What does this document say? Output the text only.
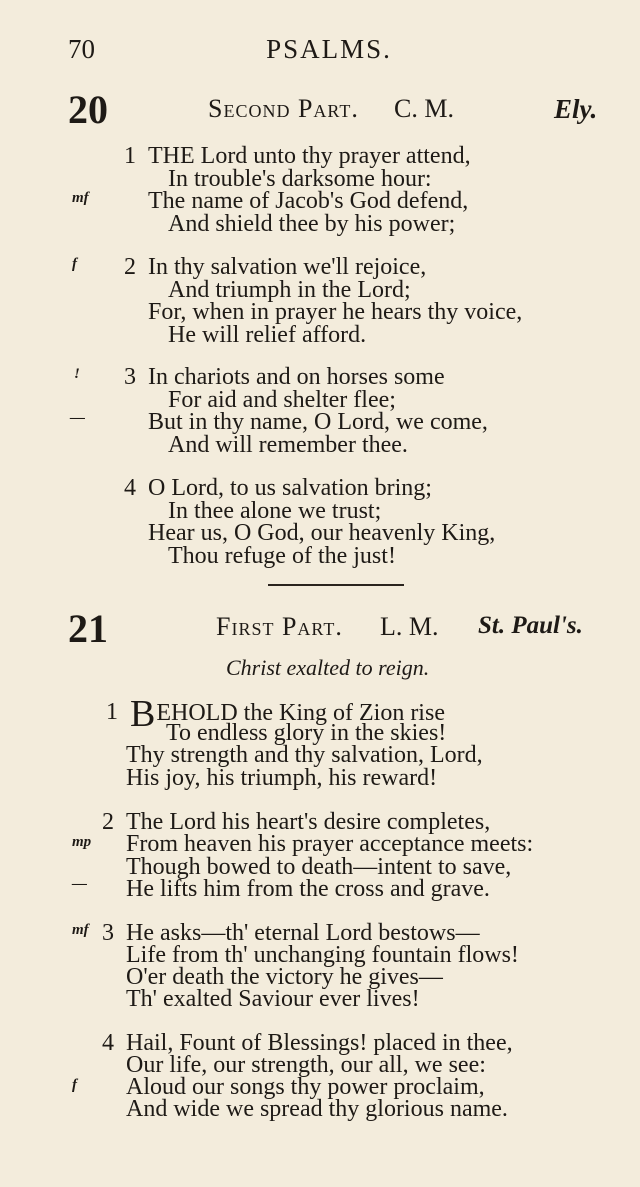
70	PSALMS.
20	Second Part. C. M.	Ely.
1 THE Lord unto thy prayer attend,
In trouble's darksome hour:
mf The name of Jacob's God defend,
And shield thee by his power;
f 2 In thy salvation we'll rejoice,
And triumph in the Lord;
For, when in prayer he hears thy voice,
He will relief afford.
! 3 In chariots and on horses some
For aid and shelter flee;
—	But in thy name, O Lord, we come,
And will remember thee.
4 O Lord, to us salvation bring;
In thee alone we trust;
Hear us, O God, our heavenly King,
Thou refuge of the just!
21	First Part. L. M. St. Paul's.
Christ exalted to reign.
1 BEHOLD the King of Zion rise
To endless glory in the skies!
Thy strength and thy salvation, Lord,
His joy, his triumph, his reward!
2 The Lord his heart's desire completes,
mp From heaven his prayer acceptance meets:
Though bowed to death—intent to save,
— He lifts him from the cross and grave.
mf 3 He asks—th' eternal Lord bestows—
Life from th' unchanging fountain flows!
O'er death the victory he gives—
Th' exalted Saviour ever lives!
4 Hail, Fount of Blessings! placed in thee,
Our life, our strength, our all, we see:
f Aloud our songs thy power proclaim,
And wide we spread thy glorious name.
